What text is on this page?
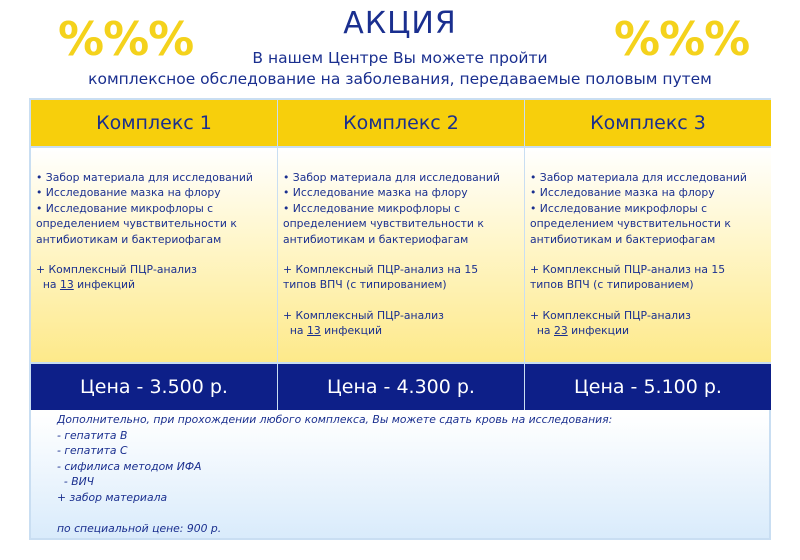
%%%	%%%
АКЦИЯ
В нашем Центре Вы можете пройти
комплексное обследование на заболевания, передаваемые половым путем
Комплекс 1
• Забор материала для исследований
• Исследование мазка на флору
• Исследование микрофлоры с
определением чувствительности к
антибиотикам и бактериофагам
+ Комплексный ПЦР-анализ
на 13 инфекций
Цена - 3.500 р.
Комплекс 2
• Забор материала для исследований
• Исследование мазка на флору
• Исследование микрофлоры с
определением чувствительности к
антибиотикам и бактериофагам
+ Комплексный ПЦР-анализ на 15
типов ВПЧ (с типированием)
+ Комплексный ПЦР-анализ
на 13 инфекций
Цена - 4.300 р.
Комплекс 3
• Забор материала для исследований
• Исследование мазка на флору
• Исследование микрофлоры с
определением чувствительности к
антибиотикам и бактериофагам
+ Комплексный ПЦР-анализ на 15
типов ВПЧ (с типированием)
+ Комплексный ПЦР-анализ
на 23 инфекции
Цена - 5.100 р.
Дополнительно, при прохождении любого комплекса, Вы можете сдать кровь на исследования:
- гепатита B
- гепатита C
- сифилиса методом ИФА
- ВИЧ
+ забор материала
по специальной цене: 900 р.
